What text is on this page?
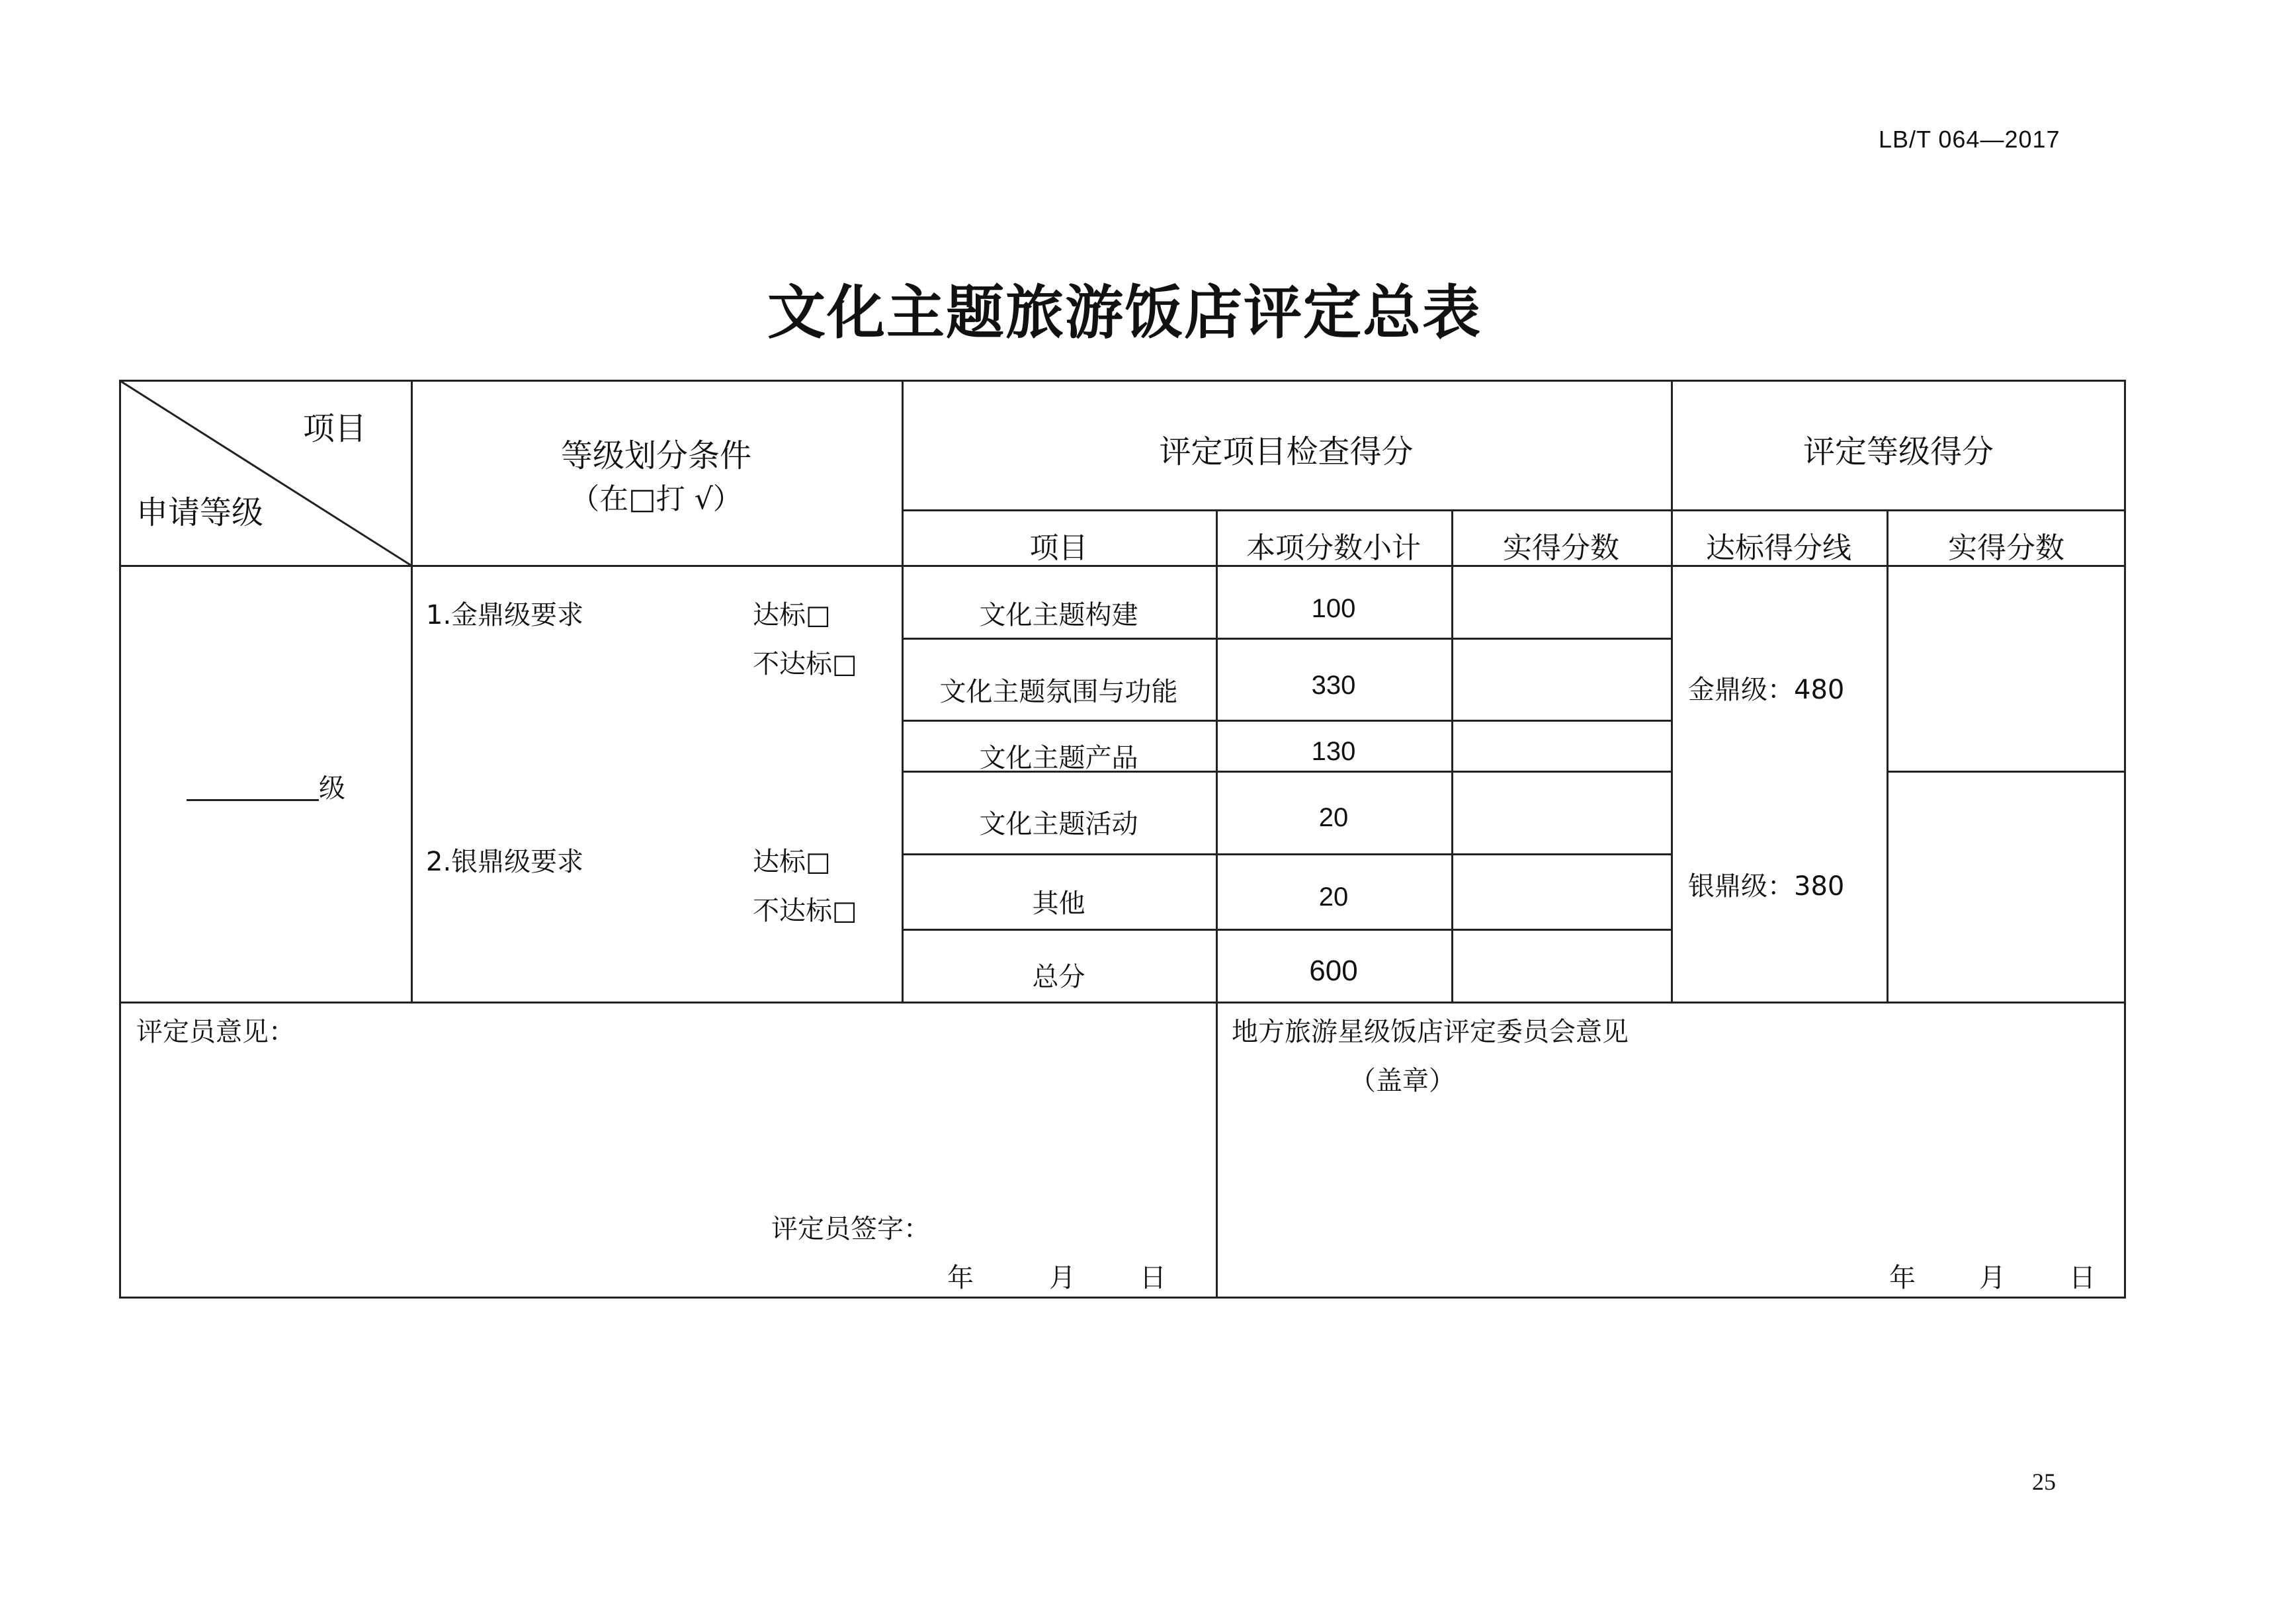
LB/T 064—2017
文化主题旅游饭店评定总表
25
项目
申请等级
等级划分条件
（在□打 √）
评定项目检查得分	评定等级得分
项目	本项分数小计	实得分数	达标得分线	实得分数
级
1.金鼎级要求	达标□
不达标□
2.银鼎级要求	达标□
不达标□
文化主题构建	100
文化主题氛围与功能	330
文化主题产品	130
文化主题活动	20
其他	20
总分	600
金鼎级：480
银鼎级：380
评定员意见：
评定员签字：
年	月 日
地方旅游星级饭店评定委员会意见
（盖章）
年 月 日
